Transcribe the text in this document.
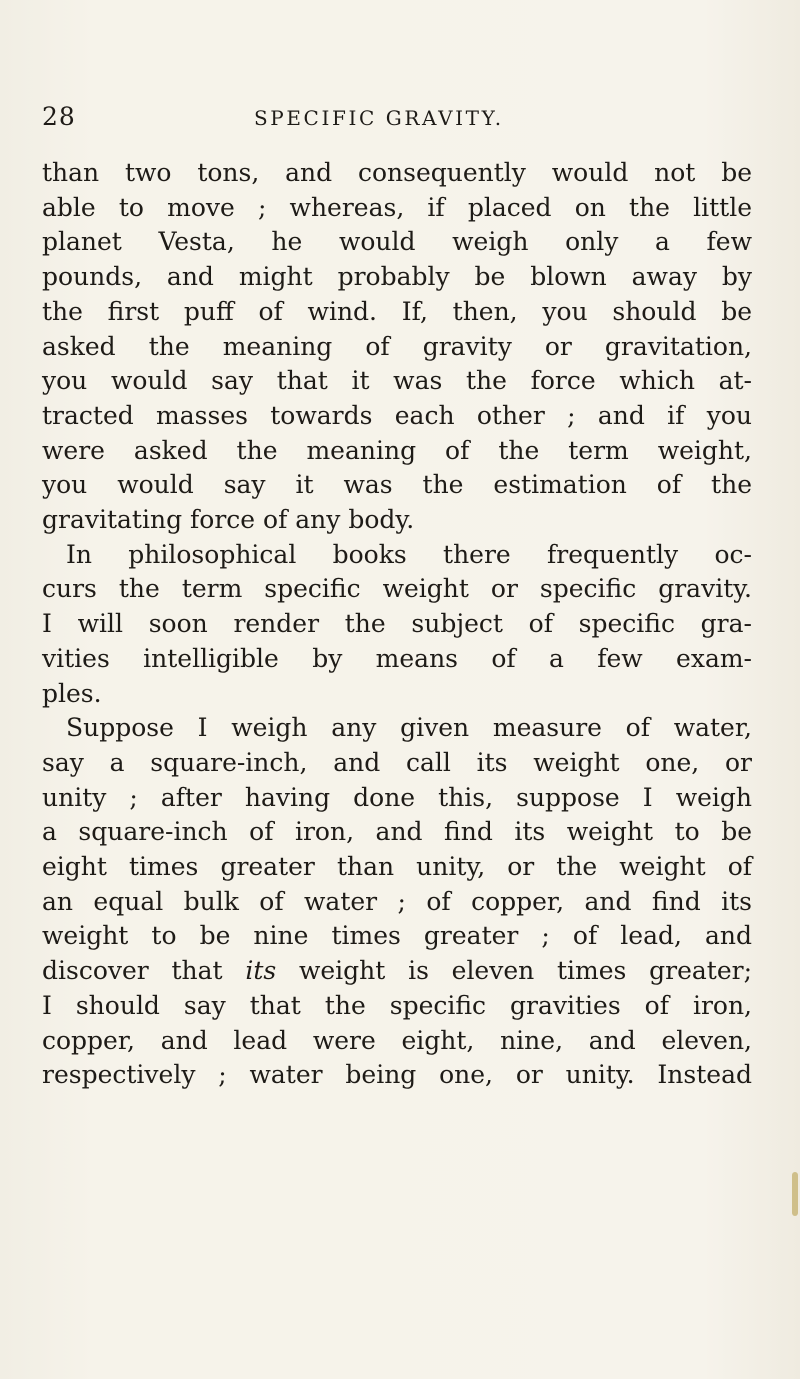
28	SPECIFIC GRAVITY.

than two tons, and consequently would not be
able to move ; whereas, if placed on the little
planet Vesta, he would weigh only a few
pounds, and might probably be blown away by
the first puff of wind. If, then, you should be
asked the meaning of gravity or gravitation,
you would say that it was the force which at-
tracted masses towards each other ; and if you
were asked the meaning of the term weight,
you would say it was the estimation of the
gravitating force of any body.

In philosophical books there frequently oc-
curs the term specific weight or specific gravity.
I will soon render the subject of specific gra-
vities intelligible by means of a few exam-
ples.

Suppose I weigh any given measure of water,
say a square-inch, and call its weight one, or
unity ; after having done this, suppose I weigh
a square-inch of iron, and find its weight to be
eight times greater than unity, or the weight of
an equal bulk of water ; of copper, and find its
weight to be nine times greater ; of lead, and
discover that its weight is eleven times greater;
I should say that the specific gravities of iron,
copper, and lead were eight, nine, and eleven,
respectively ; water being one, or unity. Instead
